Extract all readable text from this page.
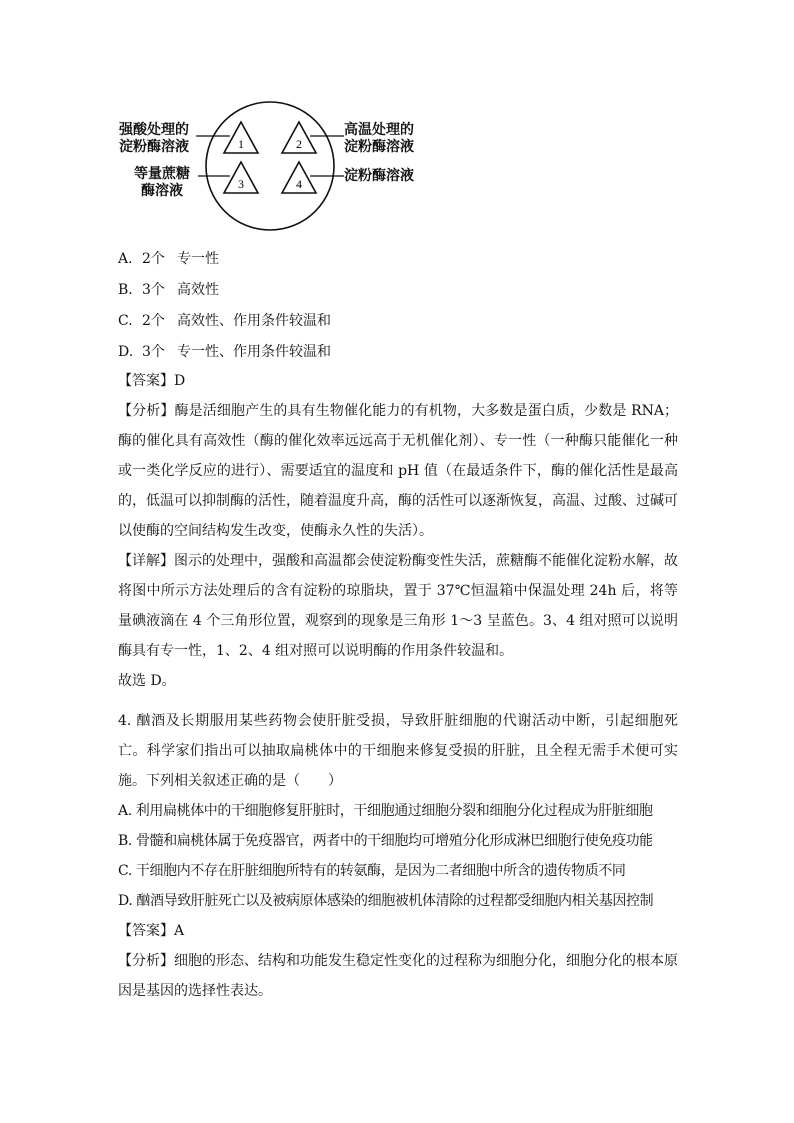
1	2
3	4
强酸处理的
淀粉酶溶液
高温处理的
淀粉酶溶液
等量蔗糖
酶溶液
淀粉酶溶液
A. 2个 专一性
B. 3个 高效性
C. 2个 高效性、作用条件较温和
D. 3个 专一性、作用条件较温和

【答案】D

【分析】酶是活细胞产生的具有生物催化能力的有机物，大多数是蛋白质，少数是 RNA；酶的催化具有高效性（酶的催化效率远远高于无机催化剂）、专一性（一种酶只能催化一种或一类化学反应的进行）、需要适宜的温度和 pH 值（在最适条件下，酶的催化活性是最高的，低温可以抑制酶的活性，随着温度升高，酶的活性可以逐渐恢复，高温、过酸、过碱可以使酶的空间结构发生改变，使酶永久性的失活）。

【详解】图示的处理中，强酸和高温都会使淀粉酶变性失活，蔗糖酶不能催化淀粉水解，故将图中所示方法处理后的含有淀粉的琼脂块，置于 37℃恒温箱中保温处理 24h 后，将等量碘液滴在 4 个三角形位置，观察到的现象是三角形 1～3 呈蓝色。3、4 组对照可以说明酶具有专一性，1、2、4 组对照可以说明酶的作用条件较温和。

故选 D。

4. 酗酒及长期服用某些药物会使肝脏受损，导致肝脏细胞的代谢活动中断，引起细胞死亡。科学家们指出可以抽取扁桃体中的干细胞来修复受损的肝脏，且全程无需手术便可实施。下列相关叙述正确的是（　　）

A. 利用扁桃体中的干细胞修复肝脏时，干细胞通过细胞分裂和细胞分化过程成为肝脏细胞

B. 骨髓和扁桃体属于免疫器官，两者中的干细胞均可增殖分化形成淋巴细胞行使免疫功能

C. 干细胞内不存在肝脏细胞所特有的转氨酶，是因为二者细胞中所含的遗传物质不同

D. 酗酒导致肝脏死亡以及被病原体感染的细胞被机体清除的过程都受细胞内相关基因控制

【答案】A

【分析】细胞的形态、结构和功能发生稳定性变化的过程称为细胞分化，细胞分化的根本原因是基因的选择性表达。
